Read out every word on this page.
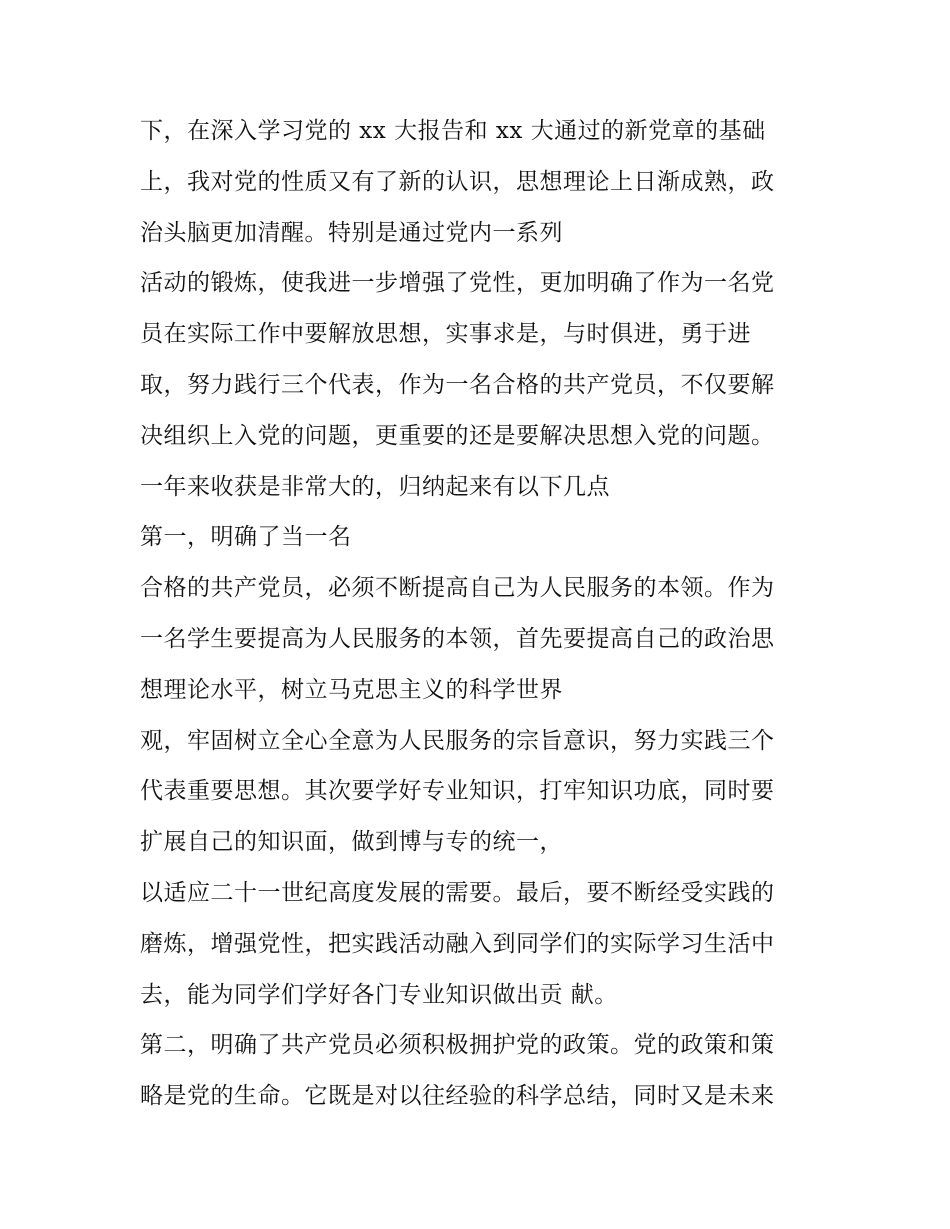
下，在深入学习党的 xx 大报告和 xx 大通过的新党章的基础
上，我对党的性质又有了新的认识，思想理论上日渐成熟，政
治头脑更加清醒。特别是通过党内一系列
活动的锻炼，使我进一步增强了党性，更加明确了作为一名党
员在实际工作中要解放思想，实事求是，与时俱进，勇于进
取，努力践行三个代表，作为一名合格的共产党员，不仅要解
决组织上入党的问题，更重要的还是要解决思想入党的问题。
一年来收获是非常大的，归纳起来有以下几点
第一，明确了当一名
合格的共产党员，必须不断提高自己为人民服务的本领。作为
一名学生要提高为人民服务的本领，首先要提高自己的政治思
想理论水平，树立马克思主义的科学世界
观，牢固树立全心全意为人民服务的宗旨意识，努力实践三个
代表重要思想。其次要学好专业知识，打牢知识功底，同时要
扩展自己的知识面，做到博与专的统一，
以适应二十一世纪高度发展的需要。最后，要不断经受实践的
磨炼，增强党性，把实践活动融入到同学们的实际学习生活中
去，能为同学们学好各门专业知识做出贡 献。
第二，明确了共产党员必须积极拥护党的政策。党的政策和策
略是党的生命。它既是对以往经验的科学总结，同时又是未来
